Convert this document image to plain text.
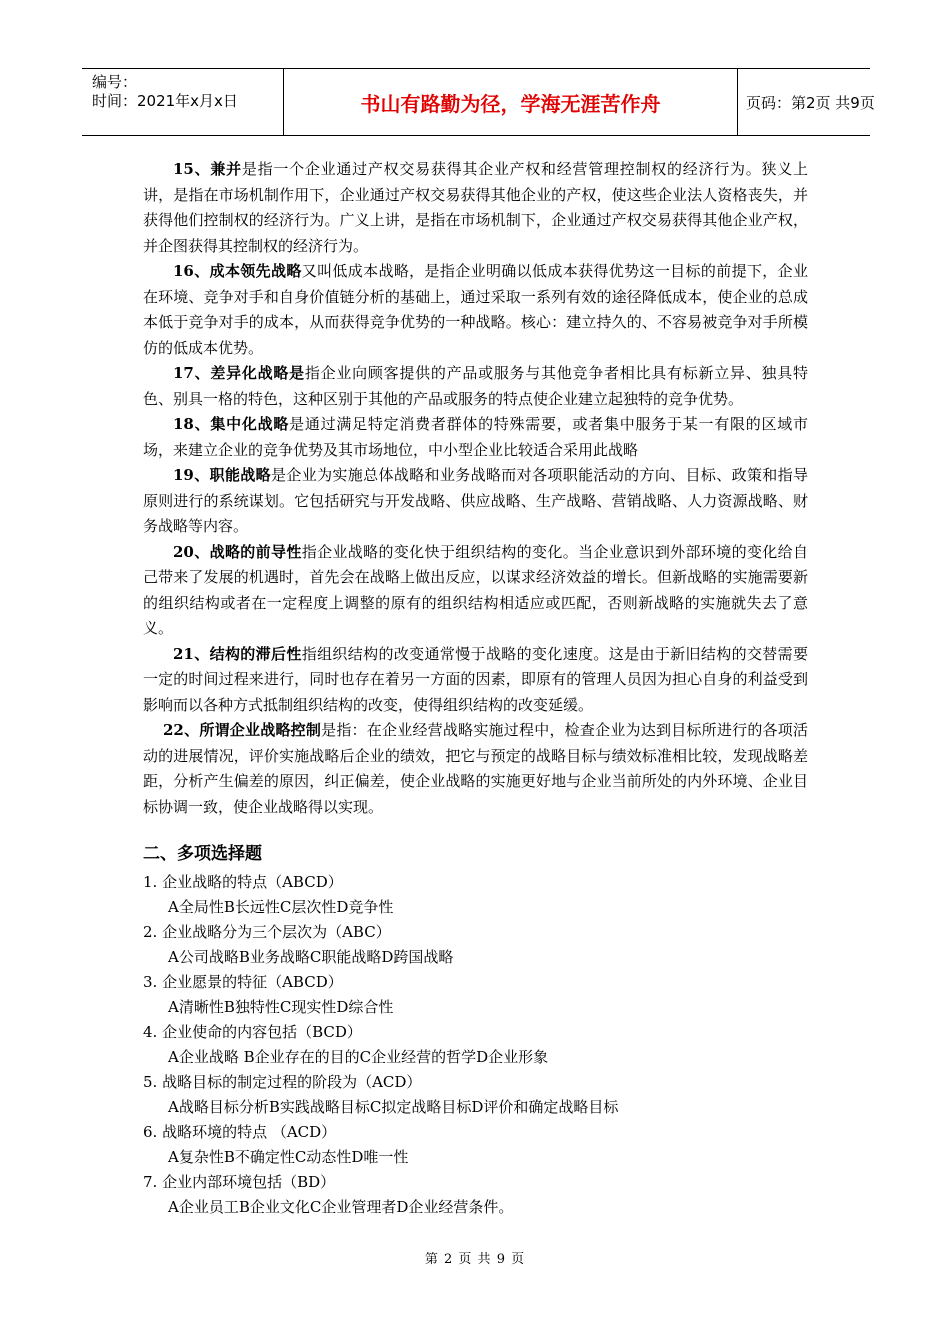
编号：
时间：2021年x月x日	书山有路勤为径，学海无涯苦作舟	页码：第2页 共9页

15、兼并是指一个企业通过产权交易获得其企业产权和经营管理控制权的经济行为。狭义上讲，是指在市场机制作用下，企业通过产权交易获得其他企业的产权，使这些企业法人资格丧失，并获得他们控制权的经济行为。广义上讲，是指在市场机制下，企业通过产权交易获得其他企业产权，并企图获得其控制权的经济行为。

16、成本领先战略又叫低成本战略，是指企业明确以低成本获得优势这一目标的前提下，企业在环境、竞争对手和自身价值链分析的基础上，通过采取一系列有效的途径降低成本，使企业的总成本低于竞争对手的成本，从而获得竞争优势的一种战略。核心：建立持久的、不容易被竞争对手所模仿的低成本优势。

17、差异化战略是指企业向顾客提供的产品或服务与其他竞争者相比具有标新立异、独具特色、别具一格的特色，这种区别于其他的产品或服务的特点使企业建立起独特的竞争优势。

18、集中化战略是通过满足特定消费者群体的特殊需要，或者集中服务于某一有限的区域市场，来建立企业的竞争优势及其市场地位，中小型企业比较适合采用此战略

19、职能战略是企业为实施总体战略和业务战略而对各项职能活动的方向、目标、政策和指导原则进行的系统谋划。它包括研究与开发战略、供应战略、生产战略、营销战略、人力资源战略、财务战略等内容。

20、战略的前导性指企业战略的变化快于组织结构的变化。当企业意识到外部环境的变化给自己带来了发展的机遇时，首先会在战略上做出反应，以谋求经济效益的增长。但新战略的实施需要新的组织结构或者在一定程度上调整的原有的组织结构相适应或匹配，否则新战略的实施就失去了意义。

21、结构的滞后性指组织结构的改变通常慢于战略的变化速度。这是由于新旧结构的交替需要一定的时间过程来进行，同时也存在着另一方面的因素，即原有的管理人员因为担心自身的利益受到影响而以各种方式抵制组织结构的改变，使得组织结构的改变延缓。

22、所谓企业战略控制是指：在企业经营战略实施过程中，检查企业为达到目标所进行的各项活动的进展情况，评价实施战略后企业的绩效，把它与预定的战略目标与绩效标准相比较，发现战略差距，分析产生偏差的原因，纠正偏差，使企业战略的实施更好地与企业当前所处的内外环境、企业目标协调一致，使企业战略得以实现。

二、多项选择题

1. 企业战略的特点（ABCD）

A全局性B长远性C层次性D竞争性

2. 企业战略分为三个层次为（ABC）

A公司战略B业务战略C职能战略D跨国战略

3. 企业愿景的特征（ABCD）

A清晰性B独特性C现实性D综合性

4. 企业使命的内容包括（BCD）

A企业战略 B企业存在的目的C企业经营的哲学D企业形象

5. 战略目标的制定过程的阶段为（ACD）

A战略目标分析B实践战略目标C拟定战略目标D评价和确定战略目标

6. 战略环境的特点 （ACD）

A复杂性B不确定性C动态性D唯一性

7. 企业内部环境包括（BD）

A企业员工B企业文化C企业管理者D企业经营条件。

第 2 页 共 9 页
